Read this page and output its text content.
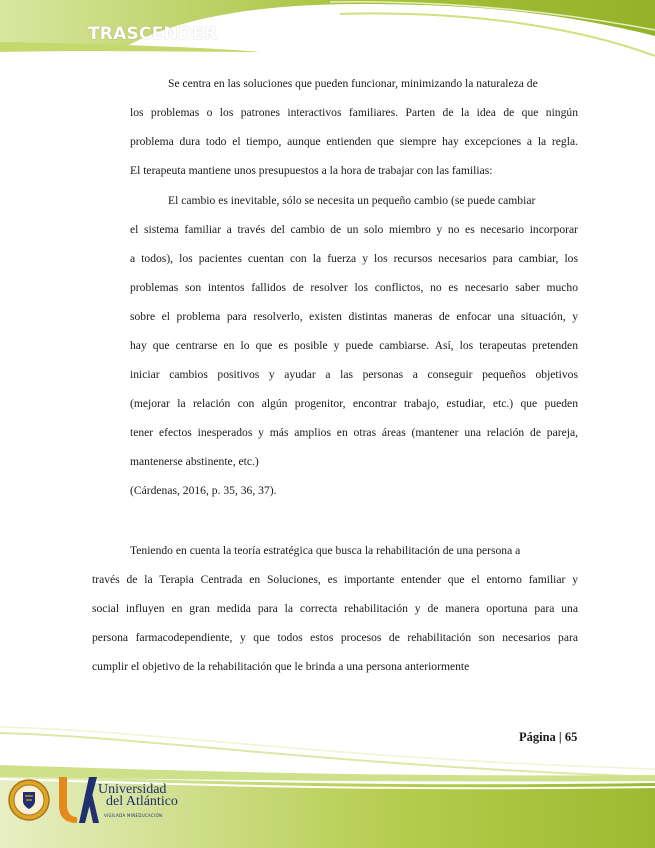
TRASCENDER
Se centra en las soluciones que pueden funcionar, minimizando la naturaleza de
los problemas o los patrones interactivos familiares. Parten de la idea de que ningún
problema dura todo el tiempo, aunque entienden que siempre hay excepciones a la regla.
El terapeuta mantiene unos presupuestos a la hora de trabajar con las familias:
El cambio es inevitable, sólo se necesita un pequeño cambio (se puede cambiar
el sistema familiar a través del cambio de un solo miembro y no es necesario incorporar
a todos), los pacientes cuentan con la fuerza y los recursos necesarios para cambiar, los
problemas son intentos fallidos de resolver los conflictos, no es necesario saber mucho
sobre el problema para resolverlo, existen distintas maneras de enfocar una situación, y
hay que centrarse en lo que es posible y puede cambiarse. Así, los terapeutas pretenden
iniciar cambios positivos y ayudar a las personas a conseguir pequeños objetivos
(mejorar la relación con algún progenitor, encontrar trabajo, estudiar, etc.) que pueden
tener efectos inesperados y más amplios en otras áreas (mantener una relación de pareja,
mantenerse abstinente, etc.)
(Cárdenas, 2016, p. 35, 36, 37).
Teniendo en cuenta la teoría estratégica que busca la rehabilitación de una persona a
través de la Terapia Centrada en Soluciones, es importante entender que el entorno familiar y
social influyen en gran medida para la correcta rehabilitación y de manera oportuna para una
persona farmacodependiente, y que todos estos procesos de rehabilitación son necesarios para
cumplir el objetivo de la rehabilitación que le brinda a una persona anteriormente
Página | 65
Universidad
del Atlántico
VIGILADA MINEDUCACIÓN
